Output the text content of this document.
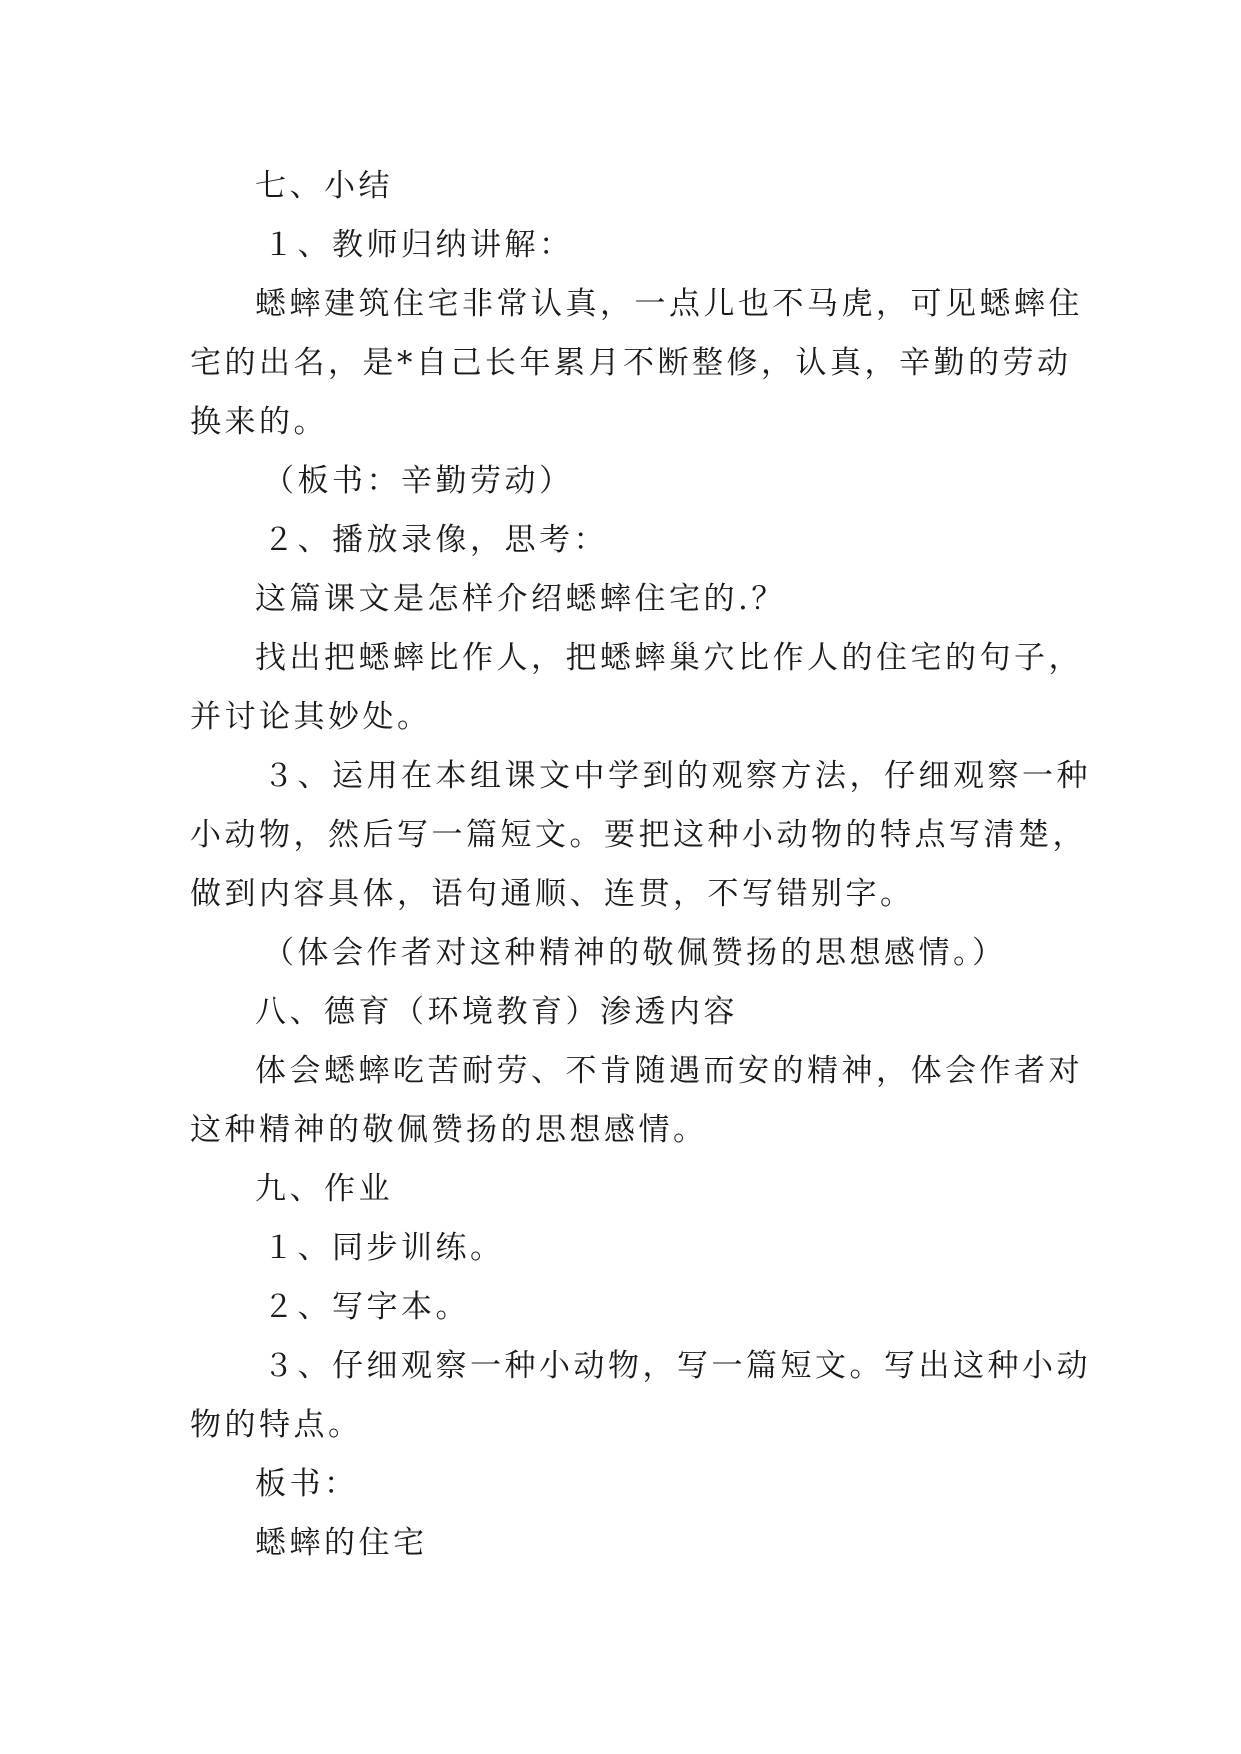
七、小结
１、教师归纳讲解：
蟋蟀建筑住宅非常认真，一点儿也不马虎，可见蟋蟀住
宅的出名，是*自己长年累月不断整修，认真，辛勤的劳动
换来的。
（板书：辛勤劳动）
２、播放录像，思考：
这篇课文是怎样介绍蟋蟀住宅的.？
找出把蟋蟀比作人，把蟋蟀巢穴比作人的住宅的句子，
并讨论其妙处。
３、运用在本组课文中学到的观察方法，仔细观察一种
小动物，然后写一篇短文。要把这种小动物的特点写清楚，
做到内容具体，语句通顺、连贯，不写错别字。
（体会作者对这种精神的敬佩赞扬的思想感情。）
八、德育（环境教育）渗透内容
体会蟋蟀吃苦耐劳、不肯随遇而安的精神，体会作者对
这种精神的敬佩赞扬的思想感情。
九、作业
１、同步训练。
２、写字本。
３、仔细观察一种小动物，写一篇短文。写出这种小动
物的特点。
板书：
蟋蟀的住宅
